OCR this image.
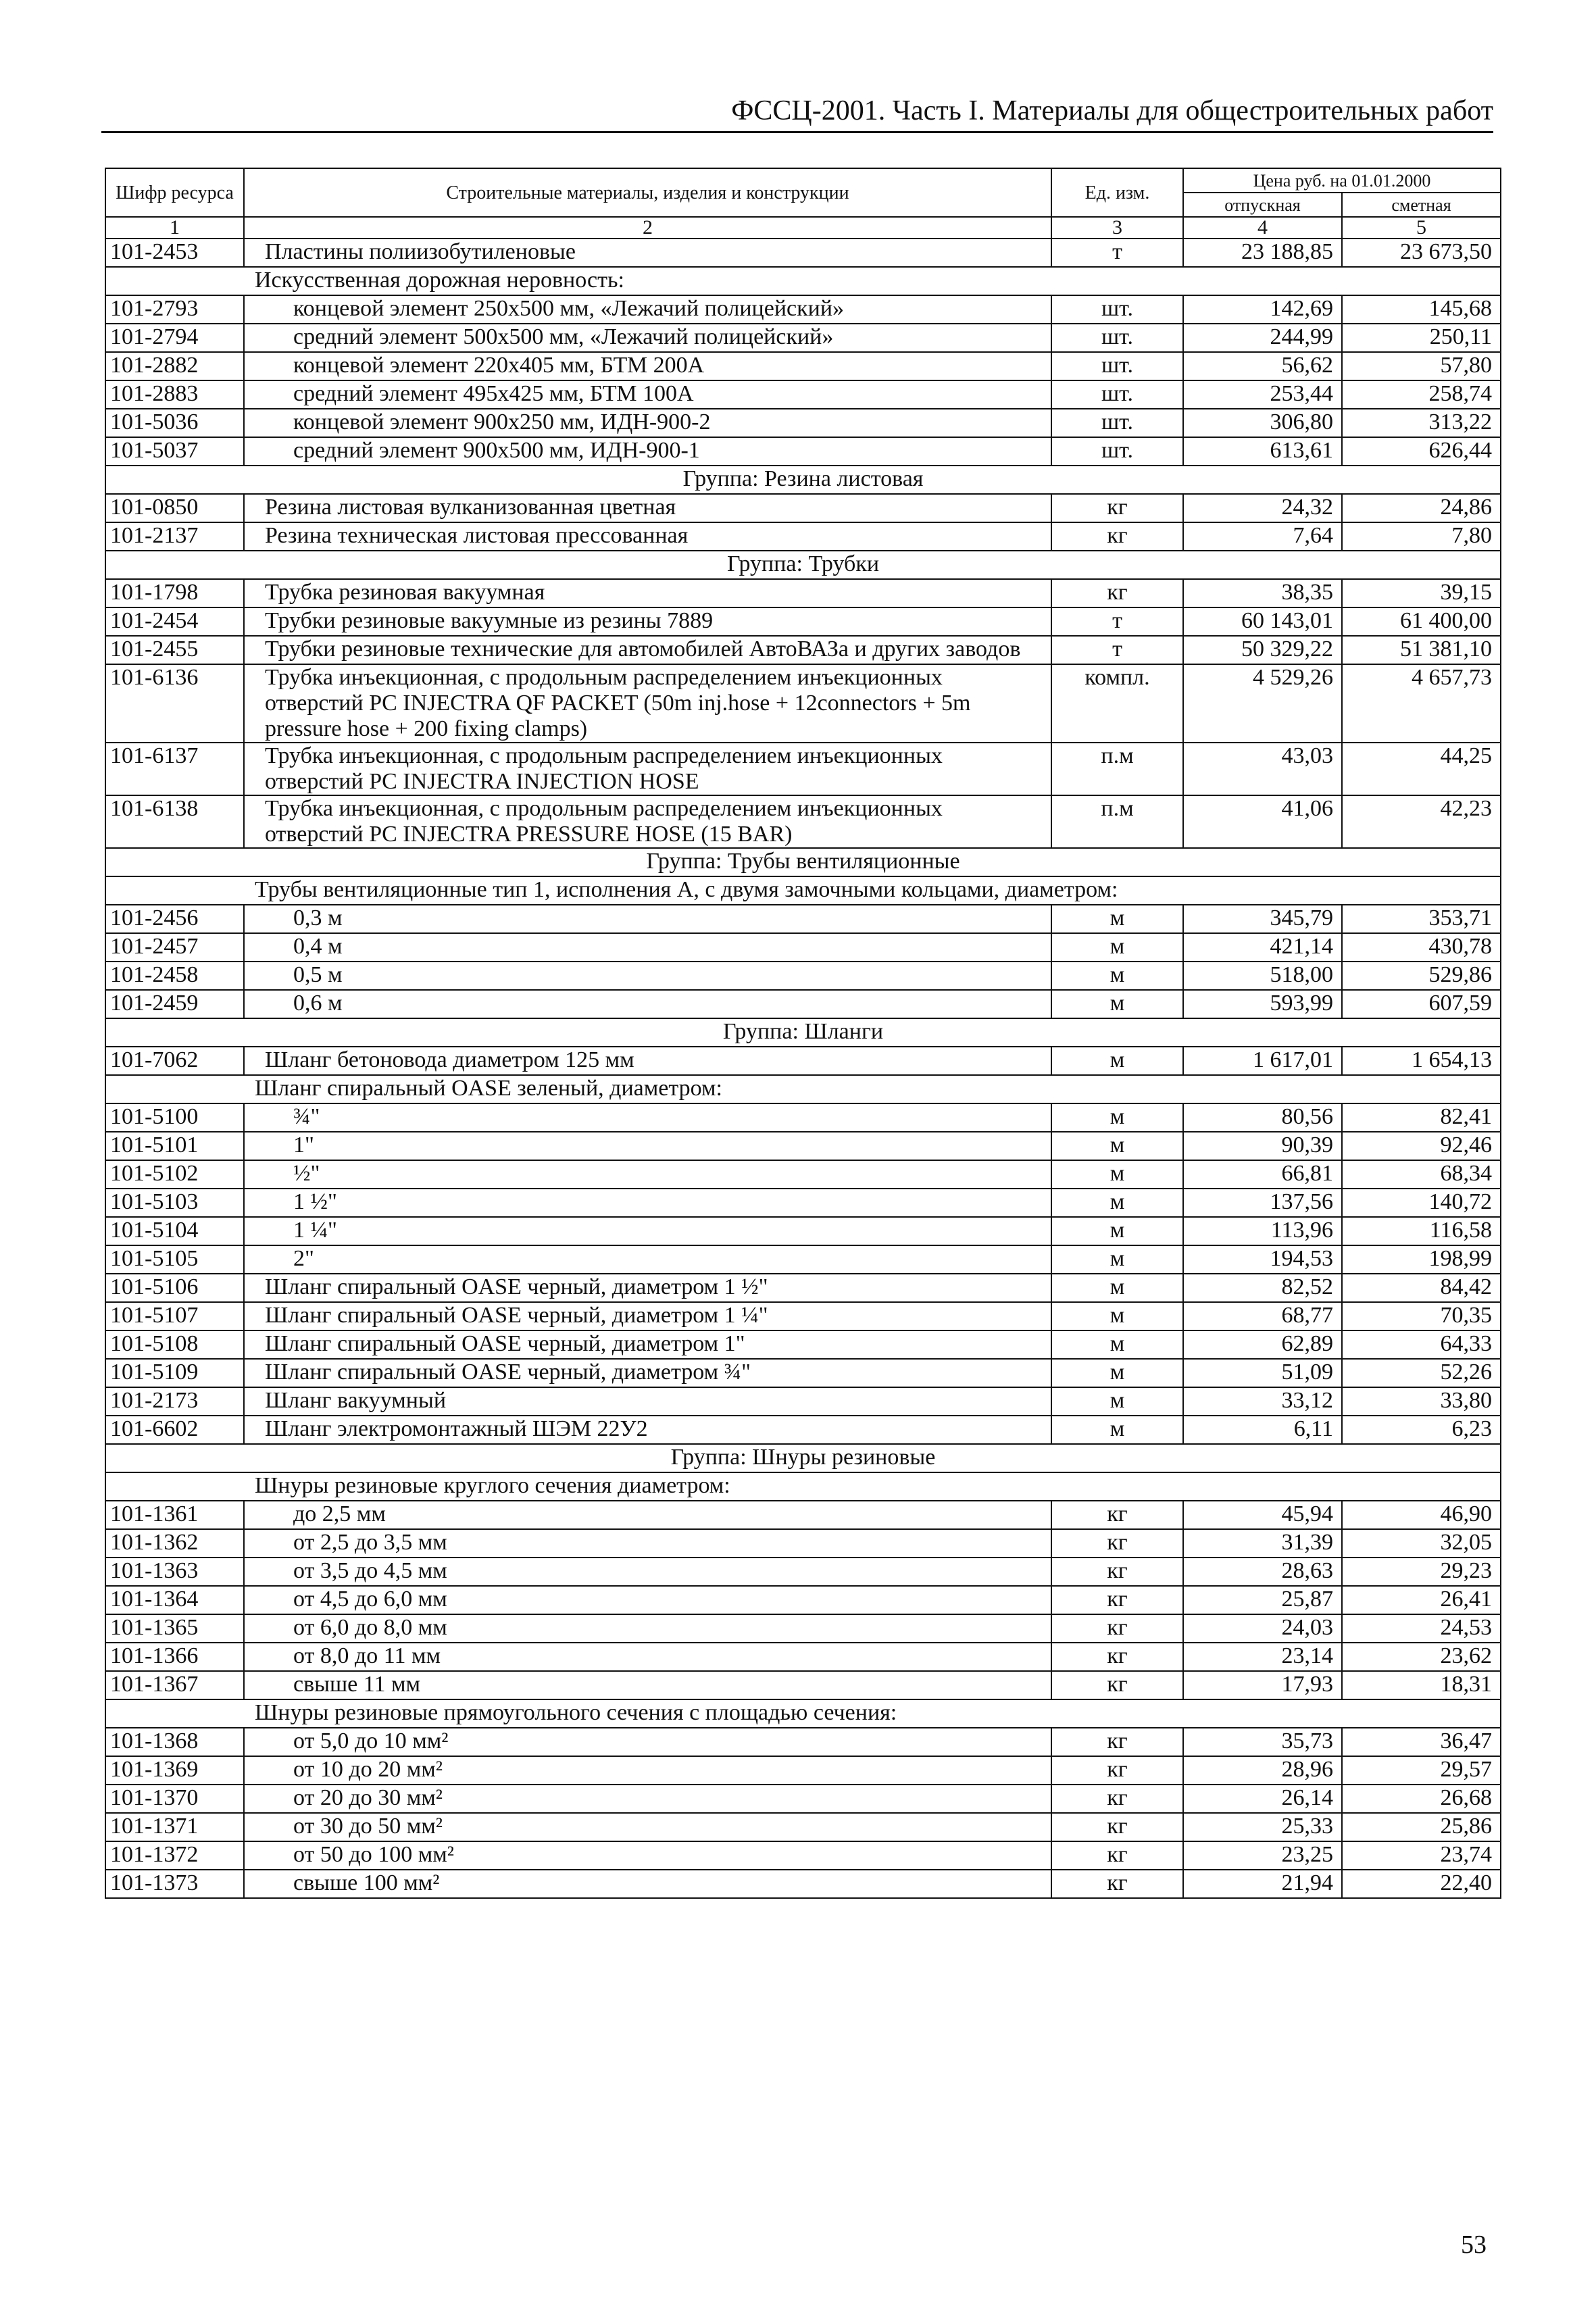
ФССЦ-2001. Часть I. Материалы для общестроительных работ
Шифр ресурса	Строительные материалы, изделия и конструкции	Ед. изм.	Цена руб. на 01.01.2000	
			отпускная	сметная
1	2	3	4	5
101-2453	Пластины полиизобутиленовые	т	23 188,85	23 673,50
Искусственная дорожная неровность:				
101-2793	концевой элемент 250х500 мм, «Лежачий полицейский»	шт.	142,69	145,68
101-2794	средний элемент 500х500 мм, «Лежачий полицейский»	шт.	244,99	250,11
101-2882	концевой элемент 220х405 мм, БТМ 200А	шт.	56,62	57,80
101-2883	средний элемент 495х425 мм, БТМ 100А	шт.	253,44	258,74
101-5036	концевой элемент 900х250 мм, ИДН-900-2	шт.	306,80	313,22
101-5037	средний элемент 900х500 мм, ИДН-900-1	шт.	613,61	626,44
Группа: Резина листовая				
101-0850	Резина листовая вулканизованная цветная	кг	24,32	24,86
101-2137	Резина техническая листовая прессованная	кг	7,64	7,80
Группа: Трубки				
101-1798	Трубка резиновая вакуумная	кг	38,35	39,15
101-2454	Трубки резиновые вакуумные из резины 7889	т	60 143,01	61 400,00
101-2455	Трубки резиновые технические для автомобилей АвтоВАЗа и других заводов	т	50 329,22	51 381,10
101-6136	Трубка инъекционная, с продольным распределением инъекционных отверстий PC INJECTRA QF PACKET (50m inj.hose + 12connectors + 5m pressure hose + 200 fixing clamps)	компл.	4 529,26	4 657,73
101-6137	Трубка инъекционная, с продольным распределением инъекционных отверстий PC INJECTRA INJECTION HOSE	п.м	43,03	44,25
101-6138	Трубка инъекционная, с продольным распределением инъекционных отверстий PC INJECTRA PRESSURE HOSE (15 BAR)	п.м	41,06	42,23
Группа: Трубы вентиляционные				
Трубы вентиляционные тип 1, исполнения А, с двумя замочными кольцами, диаметром:				
101-2456	0,3 м	м	345,79	353,71
101-2457	0,4 м	м	421,14	430,78
101-2458	0,5 м	м	518,00	529,86
101-2459	0,6 м	м	593,99	607,59
Группа: Шланги				
101-7062	Шланг бетоновода диаметром 125 мм	м	1 617,01	1 654,13
Шланг спиральный OASE зеленый, диаметром:				
101-5100	¾"	м	80,56	82,41
101-5101	1"	м	90,39	92,46
101-5102	½"	м	66,81	68,34
101-5103	1 ½"	м	137,56	140,72
101-5104	1 ¼"	м	113,96	116,58
101-5105	2"	м	194,53	198,99
101-5106	Шланг спиральный OASE черный, диаметром 1 ½"	м	82,52	84,42
101-5107	Шланг спиральный OASE черный, диаметром 1 ¼"	м	68,77	70,35
101-5108	Шланг спиральный OASE черный, диаметром 1"	м	62,89	64,33
101-5109	Шланг спиральный OASE черный, диаметром ¾"	м	51,09	52,26
101-2173	Шланг вакуумный	м	33,12	33,80
101-6602	Шланг электромонтажный ШЭМ 22У2	м	6,11	6,23
Группа: Шнуры резиновые				
Шнуры резиновые круглого сечения диаметром:				
101-1361	до 2,5 мм	кг	45,94	46,90
101-1362	от 2,5 до 3,5 мм	кг	31,39	32,05
101-1363	от 3,5 до 4,5 мм	кг	28,63	29,23
101-1364	от 4,5 до 6,0 мм	кг	25,87	26,41
101-1365	от 6,0 до 8,0 мм	кг	24,03	24,53
101-1366	от 8,0 до 11 мм	кг	23,14	23,62
101-1367	свыше 11 мм	кг	17,93	18,31
Шнуры резиновые прямоугольного сечения с площадью сечения:				
101-1368	от 5,0 до 10 мм²	кг	35,73	36,47
101-1369	от 10 до 20 мм²	кг	28,96	29,57
101-1370	от 20 до 30 мм²	кг	26,14	26,68
101-1371	от 30 до 50 мм²	кг	25,33	25,86
101-1372	от 50 до 100 мм²	кг	23,25	23,74
101-1373	свыше 100 мм²	кг	21,94	22,40
53
